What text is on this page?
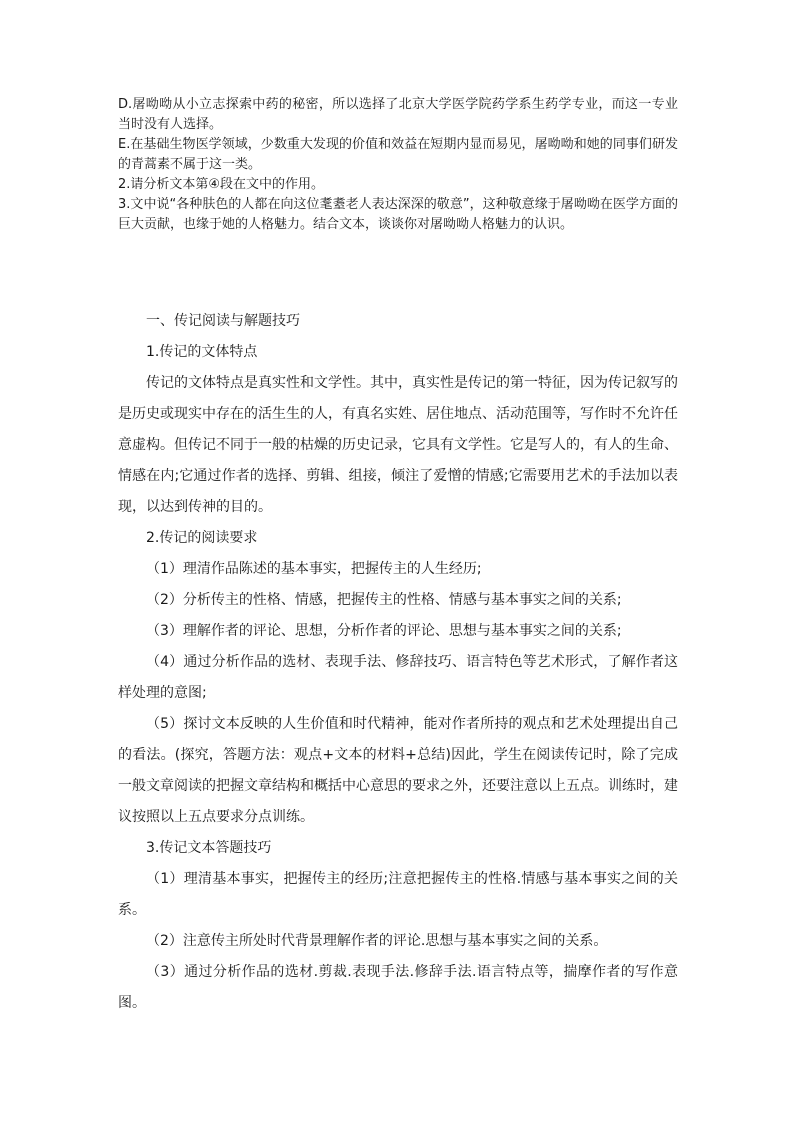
D.屠呦呦从小立志探索中药的秘密，所以选择了北京大学医学院药学系生药学专业，而这一专业当时没有人选择。

E.在基础生物医学领域，少数重大发现的价值和效益在短期内显而易见，屠呦呦和她的同事们研发的青蒿素不属于这一类。

2.请分析文本第④段在文中的作用。

3.文中说“各种肤色的人都在向这位耄耋老人表达深深的敬意”，这种敬意缘于屠呦呦在医学方面的巨大贡献，也缘于她的人格魅力。结合文本，谈谈你对屠呦呦人格魅力的认识。

一、传记阅读与解题技巧

1.传记的文体特点

传记的文体特点是真实性和文学性。其中，真实性是传记的第一特征，因为传记叙写的是历史或现实中存在的活生生的人，有真名实姓、居住地点、活动范围等，写作时不允许任意虚构。但传记不同于一般的枯燥的历史记录，它具有文学性。它是写人的，有人的生命、情感在内;它通过作者的选择、剪辑、组接，倾注了爱憎的情感;它需要用艺术的手法加以表现，以达到传神的目的。

2.传记的阅读要求

（1）理清作品陈述的基本事实，把握传主的人生经历;

（2）分析传主的性格、情感，把握传主的性格、情感与基本事实之间的关系;

（3）理解作者的评论、思想，分析作者的评论、思想与基本事实之间的关系;

（4）通过分析作品的选材、表现手法、修辞技巧、语言特色等艺术形式，了解作者这样处理的意图;

（5）探讨文本反映的人生价值和时代精神，能对作者所持的观点和艺术处理提出自己的看法。(探究，答题方法：观点+文本的材料+总结)因此，学生在阅读传记时，除了完成一般文章阅读的把握文章结构和概括中心意思的要求之外，还要注意以上五点。训练时，建议按照以上五点要求分点训练。

3.传记文本答题技巧

（1）理清基本事实，把握传主的经历;注意把握传主的性格.情感与基本事实之间的关系。

（2）注意传主所处时代背景理解作者的评论.思想与基本事实之间的关系。

（3）通过分析作品的选材.剪裁.表现手法.修辞手法.语言特点等，揣摩作者的写作意图。
